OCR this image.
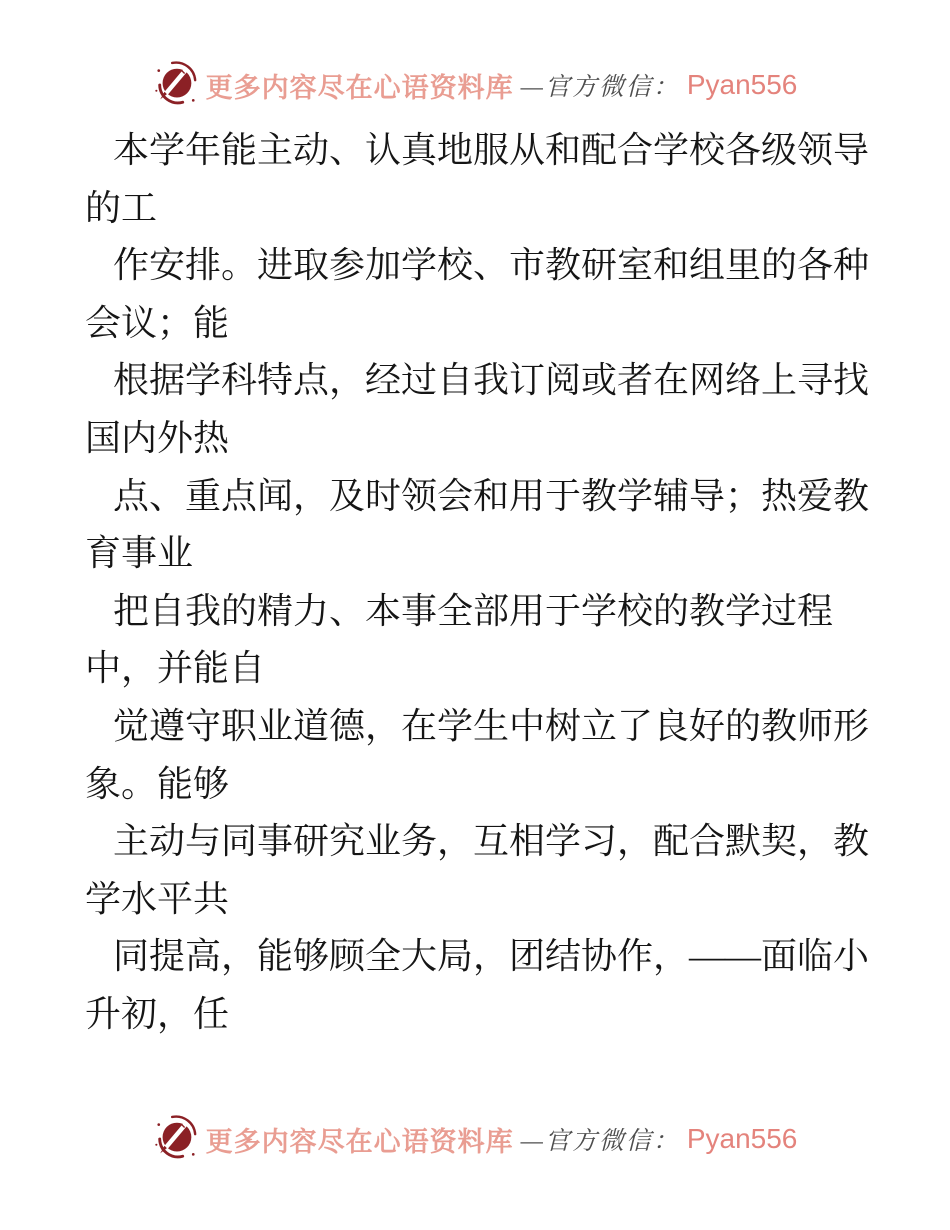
更多内容尽在心语资料库 —官方微信： Pyan556
本学年能主动、认真地服从和配合学校各级领导
的工
作安排。进取参加学校、市教研室和组里的各种
会议；能
根据学科特点，经过自我订阅或者在网络上寻找
国内外热
点、重点闻，及时领会和用于教学辅导；热爱教
育事业
把自我的精力、本事全部用于学校的教学过程
中，并能自
觉遵守职业道德，在学生中树立了良好的教师形
象。能够
主动与同事研究业务，互相学习，配合默契，教
学水平共
同提高，能够顾全大局，团结协作，——面临小
升初，任
更多内容尽在心语资料库 —官方微信： Pyan556
